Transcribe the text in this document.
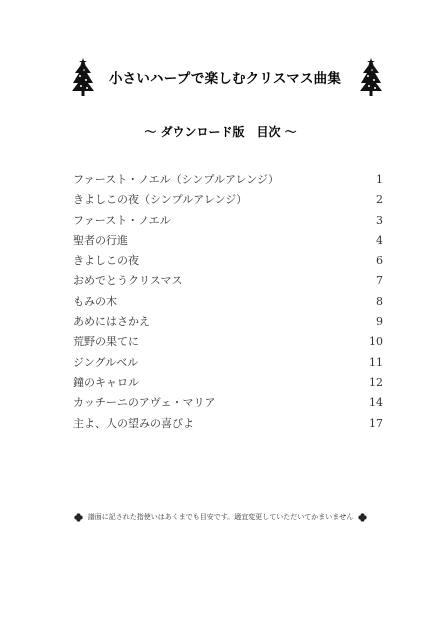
小さいハープで楽しむクリスマス曲集
～ ダウンロード版　目次 ～
ファースト・ノエル（シンプルアレンジ）	1
きよしこの夜（シンプルアレンジ）	2
ファースト・ノエル	3
聖者の行進	4
きよしこの夜	6
おめでとうクリスマス	7
もみの木	8
あめにはさかえ	9
荒野の果てに	10
ジングルベル	11
鐘のキャロル	12
カッチーニのアヴェ・マリア	14
主よ、人の望みの喜びよ	17
譜面に記された指使いはあくまでも目安です。適宜変更していただいてかまいません
